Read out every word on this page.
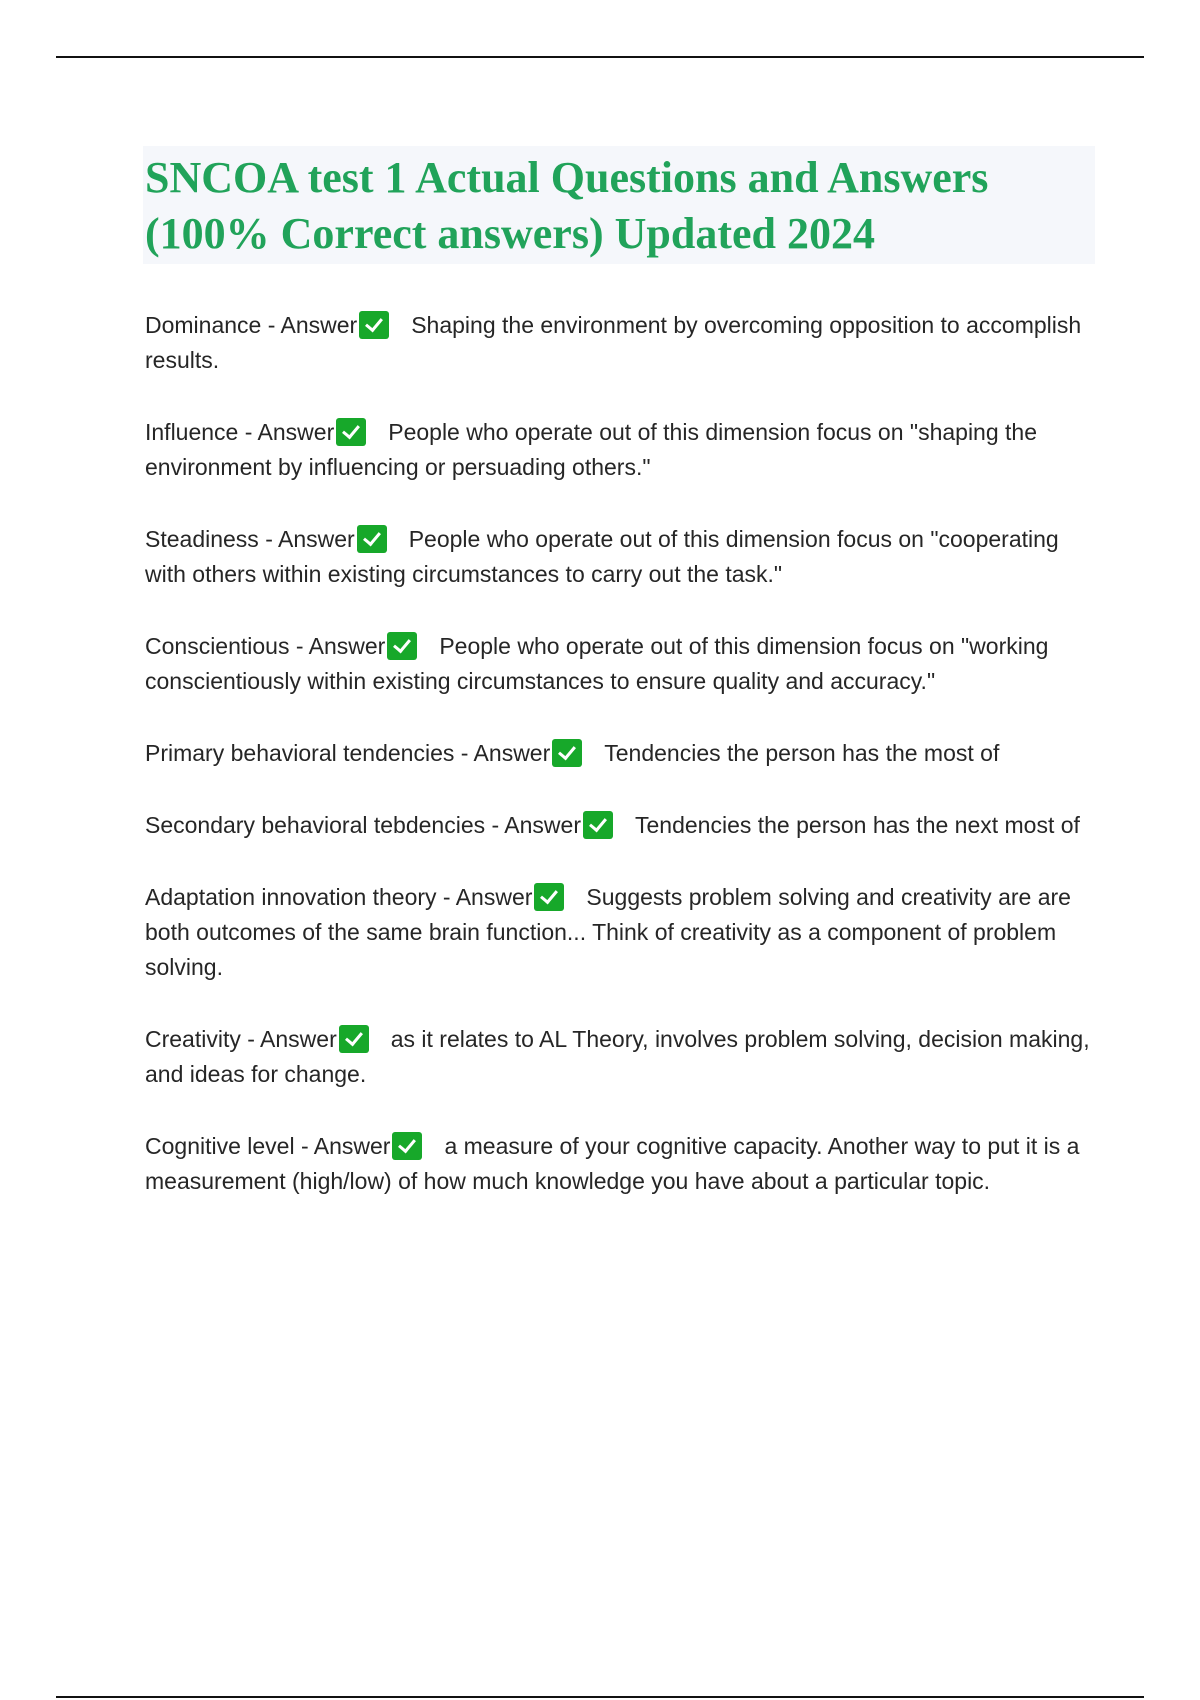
SNCOA test 1 Actual Questions and Answers (100% Correct answers) Updated 2024

Dominance - Answer Shaping the environment by overcoming opposition to accomplish results.

Influence - Answer People who operate out of this dimension focus on "shaping the environment by influencing or persuading others."

Steadiness - Answer People who operate out of this dimension focus on "cooperating with others within existing circumstances to carry out the task."

Conscientious - Answer People who operate out of this dimension focus on "working conscientiously within existing circumstances to ensure quality and accuracy."

Primary behavioral tendencies - Answer Tendencies the person has the most of

Secondary behavioral tebdencies - Answer Tendencies the person has the next most of

Adaptation innovation theory - Answer Suggests problem solving and creativity are are both outcomes of the same brain function... Think of creativity as a component of problem solving.

Creativity - Answer as it relates to AL Theory, involves problem solving, decision making, and ideas for change.

Cognitive level - Answer a measure of your cognitive capacity. Another way to put it is a measurement (high/low) of how much knowledge you have about a particular topic.
